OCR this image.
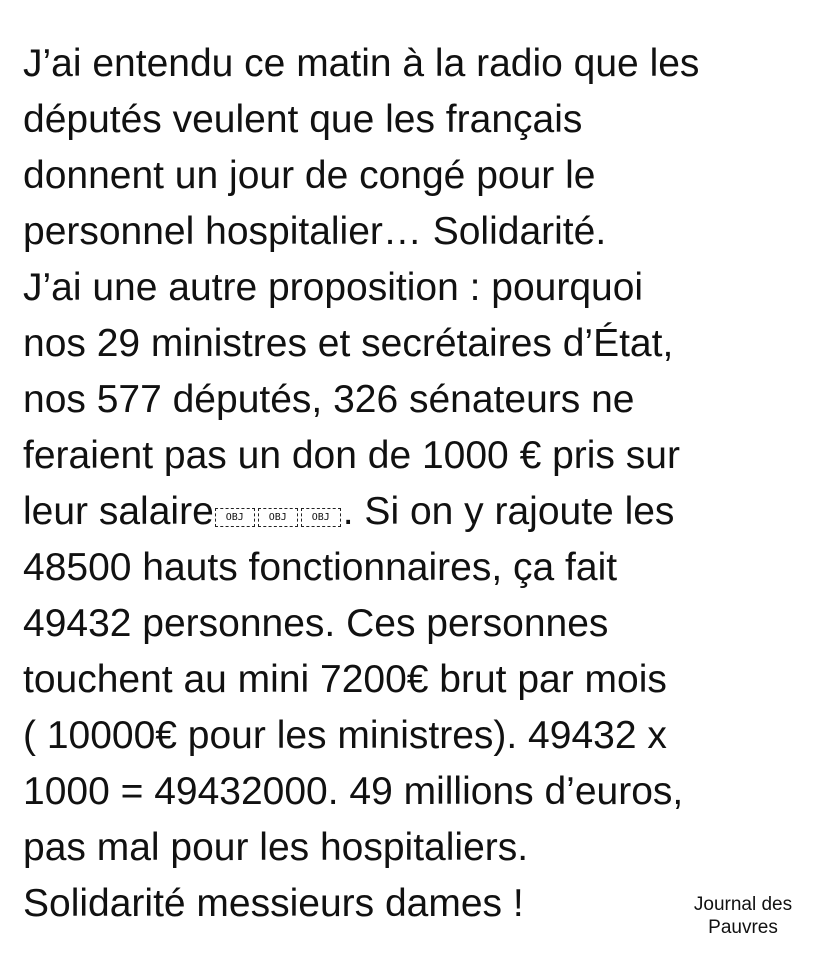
J’ai entendu ce matin à la radio que les
députés veulent que les français
donnent un jour de congé pour le
personnel hospitalier… Solidarité.
J’ai une autre proposition : pourquoi
nos 29 ministres et secrétaires d’État,
nos 577 députés, 326 sénateurs ne
feraient pas un don de 1000 € pris sur
leur salaire OBJ OBJ OBJ . Si on y rajoute les
48500 hauts fonctionnaires, ça fait
49432 personnes. Ces personnes
touchent au mini 7200€ brut par mois
( 10000€ pour les ministres). 49432 x
1000 = 49432000. 49 millions d’euros,
pas mal pour les hospitaliers.
Solidarité messieurs dames !	Journal des
Pauvres
